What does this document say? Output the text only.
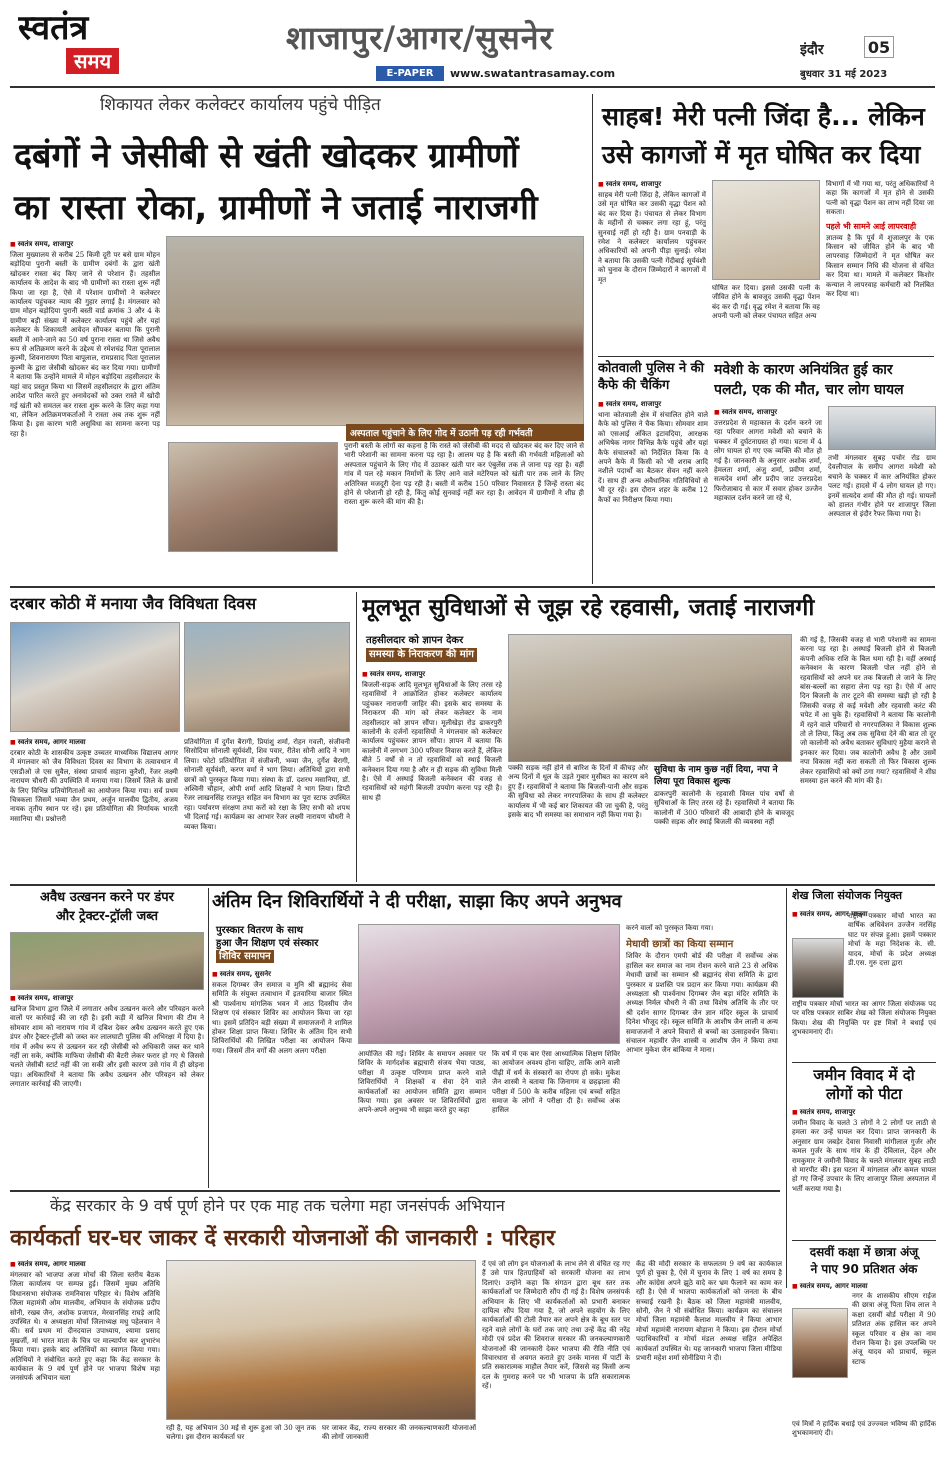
स्वतंत्र
समय
शाजापुर/आगर/सुसनेर
E-PAPER	www.swatantrasamay.com
इंदौर	05
बुधवार 31 मई 2023
शिकायत लेकर कलेक्टर कार्यालय पहुंचे पीड़ित
दबंगों ने जेसीबी से खंती खोदकर ग्रामीणों
का रास्ता रोका, ग्रामीणों ने जताई नाराजगी
■ स्वतंत्र समय, शाजापुर
जिला मुख्यालय से करीब 25 किमी दूरी पर बसे ग्राम मोहन बड़ोदिया पुरानी बस्ती के ग्रामीण दबंगों के द्वारा खंती खोदकर रास्ता बंद किए जाने से परेशान हैं। तहसील कार्यालय के आदेश के बाद भी ग्रामीणों का रास्ता शुरू नहीं किया जा रहा है, ऐसे में परेशान ग्रामीणों ने कलेक्टर कार्यालय पहुंचकर न्याय की गुहार लगाई है। मंगलवार को ग्राम मोहन बड़ोदिया पुरानी बस्ती वार्ड क्रमांक 3 और 4 के ग्रामीण बड़ी संख्या में कलेक्टर कार्यालय पहुंचे और यहां कलेक्टर के शिकायती आवेदन सौंपकर बताया कि पुरानी बस्ती में आने-जाने का 50 वर्ष पुराना रास्ता था जिसे अवैध रूप से अतिक्रमण करने के उद्देश्य से रमेशचंद्र पिता पूरालाल कुल्मी, शिवनारायण पिता बापूलाल, रामप्रसाद पिता पूरालाल कुल्मी के द्वारा जेसीबी खोदकर बंद कर दिया गया। ग्रामीणों ने बताया कि उन्होंने मामले में मोहन बड़ोदिया तहसीलदार के यहां वाद प्रस्तुत किया था जिसमें तहसीलदार के द्वारा अंतिम आदेश पारित करते हुए अनावेदकों को उक्त रास्ते में खोदी गई खंती को समतल कर रास्ता शुरू करने के लिए कहा गया था, लेकिन अतिक्रमणकर्ताओं ने रास्ता अब तक शुरू नहीं किया है। इस कारण भारी असुविधा का सामना करना पड़ रहा है।	अस्पताल पहुंचाने के लिए गोद में उठानी पड़ रही गर्भवती
पुरानी बस्ती के लोगों का कहना है कि रास्ते को जेसीबी की मदद से खोदकर बंद कर दिए जाने से भारी परेशानी का सामना करना पड़ रहा है। आलम यह है कि बस्ती की गर्भवती महिलाओं को अस्पताल पहुंचाने के लिए गोद में उठाकर खंती पार कर एंबुलेंस तक ले जाना पड़ रहा है। वहीं गांव में पल रहे मकान निर्माणों के लिए आने वाले मटेरियल को खंती पार तक लाने के लिए अतिरिक्त मजदूरी देना पड़ रही है। बस्ती में करीब 150 परिवार निवासरत हैं जिन्हें रास्ता बंद होने से परेशानी हो रही है, किंतु कोई सुनवाई नहीं कर रहा है। आवेदन में ग्रामीणों ने शीघ्र ही रास्ता शुरू करने की मांग की है।
साहब! मेरी पत्नी जिंदा है... लेकिन
उसे कागजों में मृत घोषित कर दिया
■ स्वतंत्र समय, शाजापुर
साहब मेरी पत्नी जिंदा है, लेकिन कागजों में उसे मृत घोषित कर उसकी वृद्धा पेंशन को बंद कर दिया है। पंचायत से लेकर विभाग के महीनों से चक्कर लगा रहा हूं, परंतु सुनवाई नहीं हो रही है। ग्राम पनवाड़ी के रमेश ने कलेक्टर कार्यालय पहुंचकर अधिकारियों को अपनी पीड़ा सुनाई। रमेश ने बताया कि उसकी पत्नी गेंदीबाई सूर्यवंशी को चुनाव के दौरान जिम्मेदारों ने कागजों में मृत
घोषित कर दिया। इससे उसकी पत्नी के जीवित होने के बावजूद उसकी वृद्धा पेंशन बंद कर दी गई। वृद्ध रमेश ने बताया कि वह अपनी पत्नी को लेकर पंचायत सहित अन्य
विभागों में भी गया था, परंतु अधिकारियों ने कहा कि कागजों में मृत होने से उसकी पत्नी को वृद्धा पेंशन का लाभ नहीं दिया जा सकता।
पहले भी सामने आई लापरवाही
ज्ञातव्य है कि पूर्व में शुजालपुर के एक किसान को जीवित होने के बाद भी लापरवाह जिम्मेदारों ने मृत घोषित कर किसान सम्मान निधि की योजना से वंचित कर दिया था। मामले में कलेक्टर किशोर कन्याल ने लापरवाह कर्मचारी को निलंबित कर दिया था।
कोतवाली पुलिस ने की कैफे की चैकिंग
■ स्वतंत्र समय, शाजापुर
थाना कोतवाली क्षेत्र में संचालित होने वाले कैफे को पुलिस ने चैक किया। सोमवार शाम को एसआई अंकित इटावदिया, आरक्षक अभिषेक नागर विभिन्न कैफे पहुंचे और यहां कैफे संचालकों को निर्देशित किया कि वे अपने कैफे में किसी को भी शराब आदि नशीले पदार्थों का बैठकर सेवन नहीं करने दें। साथ ही अन्य अवैधानिक गतिविधियों से भी दूर रहें। इस दौरान शहर के करीब 12 कैफों का निरीक्षण किया गया।
मवेशी के कारण अनियंत्रित हुई कार
पलटी, एक की मौत, चार लोग घायल
■ स्वतंत्र समय, शाजापुर
उत्तरप्रदेश से महाकाल के दर्शन करने जा रहा परिवार आगरा मवेशी को बचाने के चक्कर में दुर्घटनाग्रस्त हो गया। घटना में 4 लोग घायल हो गए एक व्यक्ति की मौत हो गई है। जानकारी के अनुसार अशोक शर्मा, हेमलता शर्मा, अंजु शर्मा, प्रवीण शर्मा, सत्यदेव शर्मा और प्रदीप जाट उत्तरप्रदेश फिरोजाबाद से कार में सवार होकर उज्जैन महाकाल दर्शन करने जा रहे थे,
तभी मंगलवार सुबह पचोर रोड ग्राम देवलीपाल के समीप आगरा मवेशी को बचाने के चक्कर में कार अनियंत्रित होकर पलट गई। हादसे में 4 लोग घायल हो गए। इनमें सत्यदेव शर्मा की मौत हो गई। घायलों को हालत गंभीर होने पर शाजापुर जिला अस्पताल से इंदौर रैफर किया गया है।
दरबार कोठी में मनाया जैव विविधता दिवस
■ स्वतंत्र समय, आगर मालवा
दरबार कोठी के शासकीय उत्कृष्ट उच्चतर माध्यमिक विद्यालय आगर में मंगलवार को जैव विविधता दिवस का विभाग के तत्वावधान में एसडीओ जे एस सुवैल, संस्था प्राचार्य सहाना कुरैशी, रेंजर लक्ष्मी नारायण चौधरी की उपस्थिति में मनाया गया। जिसमें जिले के छात्रों के लिए विभिन्न प्रतियोगिताओं का आयोजन किया गया। सर्व प्रथम चित्रकला जिसमें भव्या जैन प्रथम, अर्जुन मालवीय द्वितीय, अजय नायक तृतीय स्थान पर रहे। इस प्रतियोगिता की निर्णायक भारती मसानिया थी। प्रश्नोत्तरी
प्रतियोगिता में दुर्गेश बैरागी, प्रियांशु शर्मा, रोहन गवली, संजीवनी सिसोदिया सोनाली सूर्यवंशी, शिव पवार, रीतेश सोनी आदि ने भाग लिया। फोटो प्रतियोगिता में संजीवनी, भव्या जैन, दुर्गेश बैरागी, सोनाली सूर्यवंशी, करण वर्मा ने भाग लिया। अतिथियों द्वारा सभी छात्रों को पुरस्कृत किया गया। संस्था के डॉ. दशरथ मसानिया, डॉ. अश्विनी चौहान, ओपी शर्मा आदि शिक्षकों ने भाग लिया। डिप्टी रेंजर लाखनसिंह राजपूत सहित वन विभाग का पूरा स्टाफ उपस्थित रहा। पर्यावरण संरक्षण तथा करों को रक्षा के लिए सभी को शपथ भी दिलाई गई। कार्यक्रम का आभार रेंजर लक्ष्मी नारायण चौधरी ने व्यक्त किया।
मूलभूत सुविधाओं से जूझ रहे रहवासी, जताई नाराजगी
तहसीलदार को ज्ञापन देकर
समस्या के निराकरण की मांग
■ स्वतंत्र समय, शाजापुर
बिजली-सड़क आदि मूलभूत सुविधाओं के लिए तरस रहे रहवासियों ने आक्रोशित होकर कलेक्टर कार्यालय पहुंचकर नाराजगी जाहिर की। इसके बाद समस्या के निराकरण की मांग को लेकर कलेक्टर के नाम तहसीलदार को ज्ञापन सौंपा। मूलीखेड़ा रोड ढाकरपुरी कालोनी के दर्जनों रहवासियों ने मंगलवार को कलेक्टर कार्यालय पहुंचकर ज्ञापन सौंपा। ज्ञापन में बताया कि कालोनी में लगभग 300 परिवार निवास करते हैं, लेकिन बीते 5 वर्षों से न तो रहवासियों को स्थाई बिजली कनेक्शन दिया गया है और न ही सड़क की सुविधा मिली है। ऐसे में अस्थाई बिजली कनेक्शन की वजह से रहवासियों को महंगी बिजली उपयोग करना पड़ रही है। साथ ही
पक्की सड़क नहीं होने से बारिश के दिनों में कीचड़ और अन्य दिनों में धूल के उड़ते गुबार मुसीबत का कारण बने हुए हैं। रहवासियों ने बताया कि बिजली-पानी और सड़क की सुविधा को लेकर नगरपालिका के साथ ही कलेक्टर कार्यालय में भी कई बार शिकायत की जा चुकी है, परंतु इसके बाद भी समस्या का समाधान नहीं किया गया है।
सुविधा के नाम कुछ नहीं दिया, नपा ने लिया पूरा विकास शुल्क
ढाकरपुरी कालोनी के रहवासी विमल पांच वर्षों से सुविधाओं के लिए तरस रहे हैं। रहवासियों ने बताया कि कालोनी में 300 परिवारों की आबादी होने के बावजूद पक्की सड़क और स्थाई बिजली की व्यवस्था नहीं
की गई है, जिसकी वजह से भारी परेशानी का सामना करना पड़ रहा है। अस्थाई बिजली होने से बिजली कंपनी अधिक राशि के बिल थमा रही है। वहीं अस्थाई कनेक्शन के कारण बिजली पोल नहीं होने से रहवासियों को अपने घर तक बिजली ले जाने के लिए बांस-बल्लों का सहारा लेना पड़ रहा है। ऐसे में आए दिन बिजली के तार टूटने की समस्या खड़ी हो रही है जिसकी वजह से कई मवेशी और रहवासी करंट की चपेट में आ चुके हैं। रहवासियों ने बताया कि कालोनी में रहने वाले परिवारों से नगरपालिका ने विकास शुल्क तो ले लिया, किंतु अब तक सुविधा देने की बात तो दूर जो कालोनी को अवैध बताकर सुविधाएं मुहैया कराने से इनकार कर दिया। जब कालोनी अवैध है और उसमें नपा विकास नहीं करा सकती तो फिर विकास शुल्क लेकर रहवासियों को क्यों ठगा गया? रहवासियों ने शीघ्र समस्या हल करने की मांग की है।
अवैध उत्खनन करने पर डंपर
और ट्रेक्टर-ट्रॉली जब्त
■ स्वतंत्र समय, शाजापुर
खनिज विभाग द्वारा जिले में लगातार अवैध उत्खनन करने और परिवहन करने वालों पर कार्रवाई की जा रही है। इसी कड़ी में खनिज विभाग की टीम ने सोमवार शाम को नारायण गांव में दबिश देकर अवैध उत्खनन करते हुए एक डंपर और ट्रैक्टर-ट्रॉली को जब्त कर लालघाटी पुलिस की अभिरक्षा में दिया है। गांव में अवैध रूप से उत्खनन कर रही जेसीबी को अधिकारी जब्त कर थाने नहीं ला सके, क्योंकि माफिया जेसीबी की बैटरी लेकर फरार हो गए थे जिससे चलते जेसीबी स्टार्ट नहीं की जा सकी और इसी कारण उसे गांव में ही छोड़ना पड़ा। अधिकारियों ने बताया कि अवैध उत्खनन और परिवहन को लेकर लगातार कार्रवाई की जाएगी।
अंतिम दिन शिविरार्थियों ने दी परीक्षा, साझा किए अपने अनुभव
पुरस्कार वितरण के साथ
हुआ जैन शिक्षण एवं संस्कार
शिविर समापन
■ स्वतंत्र समय, सुसनेर
सकल दिगम्बर जैन समाज व मुनि श्री ब्रह्मानंद सेवा समिति के संयुक्त तत्वाधान में इतवारिया बाजार स्थित श्री पार्श्वनाथ मांगलिक भवन में आठ दिवसीय जैन शिक्षण एवं संस्कार शिविर का आयोजन किया जा रहा था। इसमें प्रतिदिन बड़ी संख्या में समाजजनों ने शामिल होकर शिक्षा प्राप्त किया। शिविर के अंतिम दिन सभी शिविरार्थियों की लिखित परीक्षा का आयोजन किया गया। जिसमें तीन वर्गों की अलग अलग परीक्षा	आयोजित की गई। शिविर के समापन अवसर पर शिविर के मार्गदर्शक ब्रह्मचारी संजय भैया पाठ्य, परीक्षा में उत्कृष्ट परिणाम प्राप्त करने वाले शिविरार्थियों ने शिक्षकों व सेवा देने वाले कार्यकर्ताओं का आयोजन समिति द्वारा सम्मान किया गया। इस अवसर पर शिविरार्थियों द्वारा अपने-अपने अनुभव भी साझा करते हुए कहा
कि वर्ष में एक बार ऐसा आध्यात्मिक शिक्षण शिविर का आयोजन अवश्य होना चाहिए, ताकि आने वाली पीढ़ी में धर्म के संस्कारों का रोपण हो सके। मुकेश जैन शास्त्री ने बताया कि जिनागम व छहढ़ाला की परीक्षा में 500 के करीब महिला एवं बच्चों सहित समाज के लोगों ने परीक्षा दी है। सर्वोच्च अंक हासिल
करने वालों को पुरस्कृत किया गया।
मेधावी छात्रों का किया सम्मान
शिविर के दौरान एमपी बोर्ड की परीक्षा में सर्वोच्च अंक हासिल कर समाज का नाम रोशन करने वाले 23 से अधिक मेधावी छात्रों का सम्मान श्री ब्रह्मानंद सेवा समिति के द्वारा पुरस्कार व प्रशस्ति पत्र प्रदान कर किया गया। कार्यक्रम की अध्यक्षता श्री पार्श्वनाथ दिगम्बर जैन बड़ा मंदिर समिति के अध्यक्ष निर्मल चौधरी ने की तथा विशेष अतिथि के तौर पर श्री दर्शन सागर दिगम्बर जैन ज्ञान मंदिर स्कूल के प्राचार्य दिनेश भौजूद रहे। स्कूल समिति के आशीष जैन लाली व अन्य समाजजनों ने अपने विचारों से बच्चों का उत्साहवर्धन किया। संचालन महावीर जैन शास्त्री व आशीष जैन ने किया तथा आभार मुकेश जैन बांकिया ने माना।
शेख जिला संयोजक नियुक्त
■ स्वतंत्र समय, आगर मालवा
राष्ट्रीय पत्रकार मोर्चा भारत का वार्षिक अधिवेशन उज्जैन नरसिंह घाट पर संपन्न हुआ। इसमें पत्रकार मोर्चा के महा निदेशक के. सी. यादव, मोर्चा के प्रदेश अध्यक्ष डी.एस. गुरु दत्ता द्वारा
राष्ट्रीय पत्रकार मोर्चा भारत का आगर जिला संयोजक पद पर वरिष्ठ पत्रकार साबिर शेख को जिला संयोजक नियुक्त किया। शेख की नियुक्ति पर इष्ट मित्रों ने बधाई एवं शुभकामनाएं दी।
जमीन विवाद में दो
लोगों को पीटा
■ स्वतंत्र समय, शाजापुर
जमीन विवाद के चलते 3 लोगों ने 2 लोगों पर लाठी से हमला कर उन्हें घायल कर दिया। प्राप्त जानकारी के अनुसार ग्राम जबड़ेर देवास निवासी मांगीलाल गुर्जर और कमल गुर्जर के साथ गांव के ही देविलाल, देहन और रामकुमार ने जमीनी विवाद के चलते मंगलवार सुबह लाठी से मारपीट की। इस घटना में मांगलाल और कमल घायल हो गए जिन्हें उपचार के लिए शाजापुर जिला अस्पताल में भर्ती कराया गया है।
दसवीं कक्षा में छात्रा अंजू
ने पाए 90 प्रतिशत अंक
■ स्वतंत्र समय, आगर मालवा
नगर के शासकीय सीएम राईज की छात्रा अंजू पिता शिव लाल ने कक्षा दसवीं बोर्ड परीक्षा में 90 प्रतिशत अंक हासिल कर अपने स्कूल परिवार व क्षेत्र का नाम रोशन किया है। इस उपलब्धि पर अंजू यादव को प्राचार्य, स्कूल स्टाफ
एवं मित्रों ने हार्दिक बधाई एवं उज्ज्वल भविष्य की हार्दिक शुभकामनाएं दी।
केंद्र सरकार के 9 वर्ष पूर्ण होने पर एक माह तक चलेगा महा जनसंपर्क अभियान
कार्यकर्ता घर-घर जाकर दें सरकारी योजनाओं की जानकारी : परिहार
■ स्वतंत्र समय, आगर मालवा
मंगलवार को भाजपा अजा मोर्चा की जिला स्तरीय बैठक जिला कार्यालय पर सम्पन्न हुई। जिसमें मुख्य अतिथि विधानसभा संयोजक रामनिवास परिहार थे। विशेष अतिथि जिला महामंत्री ओम मालवीय, अभियान के संयोजक प्रदीप सोनी, रखब जैन, अशोक प्रजापत, मेरवानसिंह राघड़े आदि उपस्थित थे। व अध्यक्षता मोर्चा जिलाध्यक्ष मधु पहेलवान ने की। सर्व प्रथम मां दीनदयाल उपाध्याय, श्यामा प्रसाद मुखर्जी, मां भारत माता के चित्र पर माल्यार्पण कर शुभारंभ किया गया। इसके बाद अतिथियों का स्वागत किया गया। अतिथियों ने संबोधित करते हुए कहा कि केंद्र सरकार के कार्यकाल के 9 वर्ष पूर्ण होने पर भाजपा विशेष महा जनसंपर्क अभियान चला
रही है, यह अभियान 30 मई से शुरू हुआ जो 30 जून तक चलेगा। इस दौरान कार्यकर्ता घर
घर जाकर केंद्र, राज्य सरकार की जनकल्याणकारी योजनाओं की लोगों जानकारी
दें एवं जो लोग इन योजनाओं के लाभ लेने से वंचित रह गए हैं उसे पात्र हितग्राहियों को सरकारी योजना का लाभ दिलाएं। उन्होंने कहा कि संगठन द्वारा बूथ स्तर तक कार्यकर्ताओं पर जिम्मेदारी सौंप दी गई है। विशेष जनसंपर्क अभियान के लिए भी कार्यकर्ताओं को प्रभारी बनाकर दायित्व सौंप दिया गया है, जो अपने सहयोग के लिए कार्यकर्ताओं की टोली तैयार कर अपने क्षेत्र के बूथ स्तर पर रहने वाले लोगों के घरों तक जाएं तथा उन्हें केंद्र की नरेंद्र मोदी एवं प्रदेश की शिवराज सरकार की जनकल्याणकारी योजनाओं की जानकारी देकर भाजपा की रीति नीति एवं विचारधारा से अवगत कराते हुए उनके मानस में पार्टी के प्रति सकारात्मक माहौल तैयार करें, जिससे वह किसी अन्य दल के गुमराह करने पर भी भाजपा के प्रति सकारात्मक रहें।
केंद्र की मोदी सरकार के सफलतम 9 वर्ष का कार्यकाल पूर्ण हो चुका है, ऐसे में चुनाव के लिए 1 वर्ष का समय है और कांग्रेस अपने झूठे वादे कर भ्रम फैलाने का काम कर रही है। ऐसे में भाजपा कार्यकर्ताओं को जनता के बीच सच्चाई रखनी है। बैठक को जिला महामंत्री मालवीय, सोनी, जैन ने भी संबोधित किया। कार्यक्रम का संचालन मोर्चा जिला महामंत्री कैलाश मालवीय ने किया आभार मोर्चा महामंत्री नारायण बोड़ाना ने किया। इस दौरान मोर्चा पदाधिकारियों व मोर्चा मंडल अध्यक्ष सहित अपेक्षित कार्यकर्ता उपस्थित थे। यह जानकारी भाजपा जिला मीडिया प्रभारी महेश शर्मा सोनीडिया ने दी।
